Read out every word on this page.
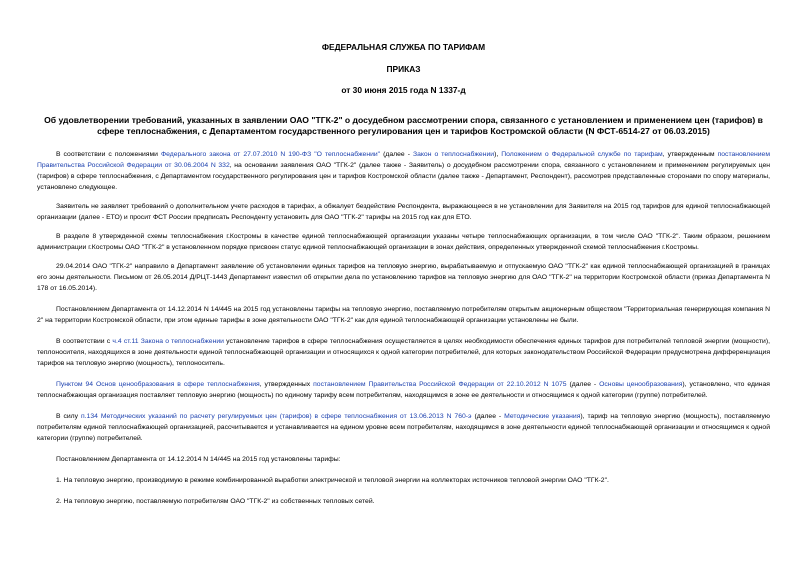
ФЕДЕРАЛЬНАЯ СЛУЖБА ПО ТАРИФАМ
ПРИКАЗ
от 30 июня 2015 года N 1337-д
Об удовлетворении требований, указанных в заявлении ОАО "ТГК-2" о досудебном рассмотрении спора, связанного с установлением и применением цен (тарифов) в сфере теплоснабжения, с Департаментом государственного регулирования цен и тарифов Костромской области (N ФСТ-6514-27 от 06.03.2015)

В соответствии с положениями Федерального закона от 27.07.2010 N 190-ФЗ "О теплоснабжении" (далее - Закон о теплоснабжении), Положением о Федеральной службе по тарифам, утвержденным постановлением Правительства Российской Федерации от 30.06.2004 N 332, на основании заявления ОАО "ТГК-2" (далее также - Заявитель) о досудебном рассмотрении спора, связанного с установлением и применением регулируемых цен (тарифов) в сфере теплоснабжения, с Департаментом государственного регулирования цен и тарифов Костромской области (далее также - Департамент, Респондент), рассмотрев представленные сторонами по спору материалы, установлено следующее.

Заявитель не заявляет требований о дополнительном учете расходов в тарифах, а обжалует бездействие Респондента, выражающееся в не установлении для Заявителя на 2015 год тарифов для единой теплоснабжающей организации (далее - ЕТО) и просит ФСТ России предписать Респонденту установить для ОАО "ТГК-2" тарифы на 2015 год как для ЕТО.

В разделе 8 утвержденной схемы теплоснабжения г.Костромы в качестве единой теплоснабжающей организации указаны четыре теплоснабжающих организации, в том числе ОАО "ТГК-2". Таким образом, решением администрации г.Костромы ОАО "ТГК-2" в установленном порядке присвоен статус единой теплоснабжающей организации в зонах действия, определенных утвержденной схемой теплоснабжения г.Костромы.

29.04.2014 ОАО "ТГК-2" направило в Департамент заявление об установлении единых тарифов на тепловую энергию, вырабатываемую и отпускаемую ОАО "ТГК-2" как единой теплоснабжающей организацией в границах его зоны деятельности. Письмом от 26.05.2014 Д/РЦТ-1443 Департамент известил об открытии дела по установлению тарифов на тепловую энергию для ОАО "ТГК-2" на территории Костромской области (приказ Департамента N 178 от 16.05.2014).

Постановлением Департамента от 14.12.2014 N 14/445 на 2015 год установлены тарифы на тепловую энергию, поставляемую потребителям открытым акционерным обществом "Территориальная генерирующая компания N 2" на территории Костромской области, при этом единые тарифы в зоне деятельности ОАО "ТГК-2" как для единой теплоснабжающей организации установлены не были.

В соответствии с ч.4 ст.11 Закона о теплоснабжении установление тарифов в сфере теплоснабжения осуществляется в целях необходимости обеспечения единых тарифов для потребителей тепловой энергии (мощности), теплоносителя, находящихся в зоне деятельности единой теплоснабжающей организации и относящихся к одной категории потребителей, для которых законодательством Российской Федерации предусмотрена дифференциация тарифов на тепловую энергию (мощность), теплоноситель.

Пунктом 94 Основ ценообразования в сфере теплоснабжения, утвержденных постановлением Правительства Российской Федерации от 22.10.2012 N 1075 (далее - Основы ценообразования), установлено, что единая теплоснабжающая организация поставляет тепловую энергию (мощность) по единому тарифу всем потребителям, находящимся в зоне ее деятельности и относящимся к одной категории (группе) потребителей.

В силу п.134 Методических указаний по расчету регулируемых цен (тарифов) в сфере теплоснабжения от 13.06.2013 N 760-э (далее - Методические указания), тариф на тепловую энергию (мощность), поставляемую потребителям единой теплоснабжающей организацией, рассчитывается и устанавливается на едином уровне всем потребителям, находящимся в зоне деятельности единой теплоснабжающей организации и относящимся к одной категории (группе) потребителей.

Постановлением Департамента от 14.12.2014 N 14/445 на 2015 год установлены тарифы:

1. На тепловую энергию, производимую в режиме комбинированной выработки электрической и тепловой энергии на коллекторах источников тепловой энергии ОАО "ТГК-2".

2. На тепловую энергию, поставляемую потребителям ОАО "ТГК-2" из собственных тепловых сетей.
